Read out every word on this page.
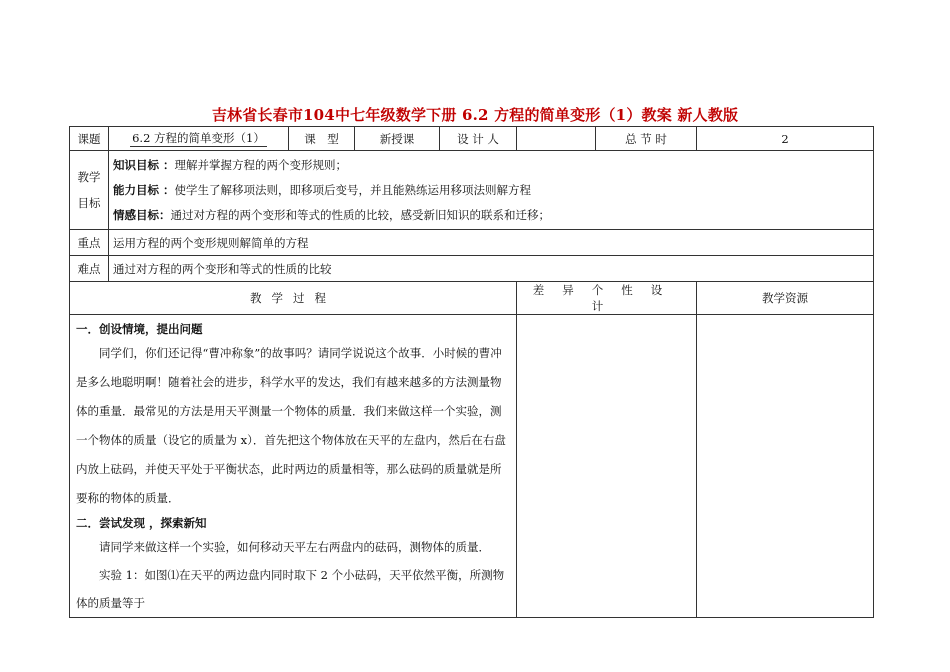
吉林省长春市104中七年级数学下册 6.2 方程的简单变形（1）教案 新人教版
课题	6.2 方程的简单变形（1）	课　型	新授课	设 计 人		总 节 时	2

教学目标	知识目标 ：理解并掌握方程的两个变形规则；
能力目标 ：使学生了解移项法则，即移项后变号，并且能熟练运用移项法则解方程
情感目标：通过对方程的两个变形和等式的性质的比较，感受新旧知识的联系和迁移；						

重点	运用方程的两个变形规则解简单的方程						
难点	通过对方程的两个变形和等式的性质的比较						
教学过程					差异个性设计		教学资源

一．创设情境，提出问题
同学们，你们还记得“曹冲称象”的故事吗？请同学说说这个故事．小时候的曹冲是多么地聪明啊！随着社会的进步，科学水平的发达，我们有越来越多的方法测量物体的重量．最常见的方法是用天平测量一个物体的质量．我们来做这样一个实验，测一个物体的质量（设它的质量为 x）．首先把这个物体放在天平的左盘内，然后在右盘内放上砝码，并使天平处于平衡状态，此时两边的质量相等，那么砝码的质量就是所要称的物体的质量．
二．尝试发现 ，探索新知
请同学来做这样一个实验，如何移动天平左右两盘内的砝码，测物体的质量．
实验 1：如图⑴在天平的两边盘内同时取下 2 个小砝码，天平依然平衡，所测物体的质量等于							
